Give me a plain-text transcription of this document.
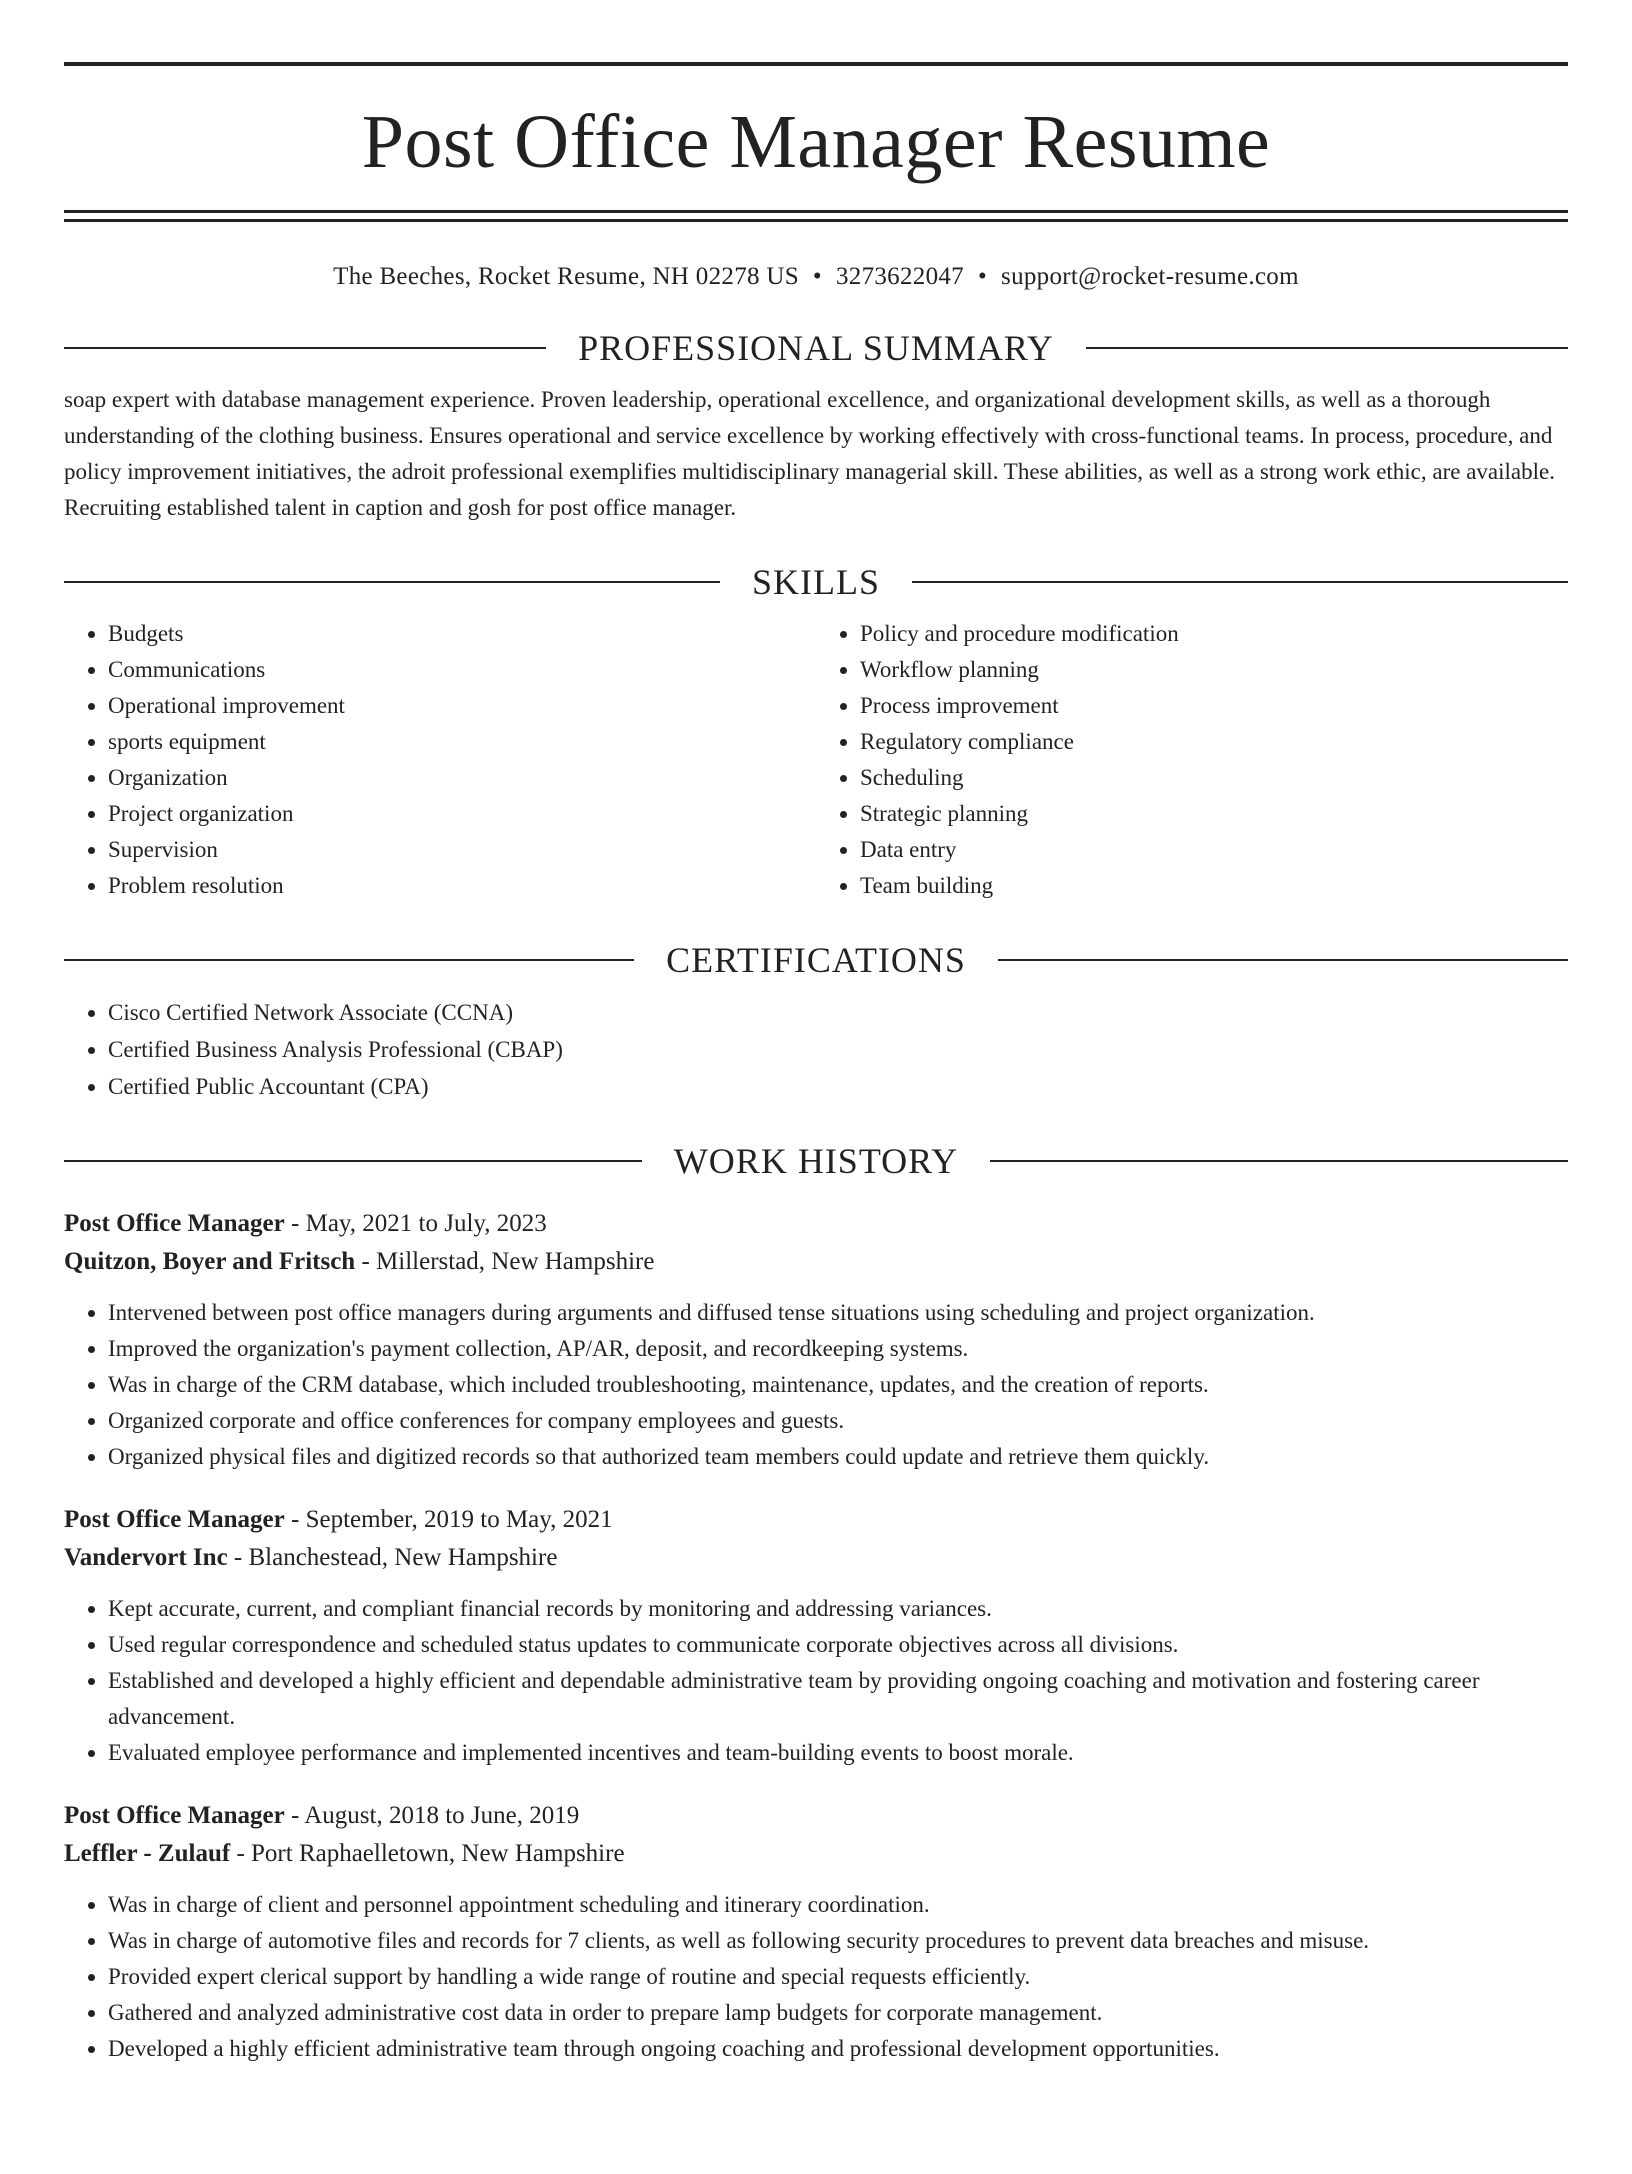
Post Office Manager Resume
The Beeches, Rocket Resume, NH 02278 US • 3273622047 • support@rocket-resume.com
PROFESSIONAL SUMMARY

soap expert with database management experience. Proven leadership, operational excellence, and organizational development skills, as well as a thorough understanding of the clothing business. Ensures operational and service excellence by working effectively with cross-functional teams. In process, procedure, and policy improvement initiatives, the adroit professional exemplifies multidisciplinary managerial skill. These abilities, as well as a strong work ethic, are available. Recruiting established talent in caption and gosh for post office manager.

SKILLS
• Budgets
• Communications
• Operational improvement
• sports equipment
• Organization
• Project organization
• Supervision
• Problem resolution
• Policy and procedure modification
• Workflow planning
• Process improvement
• Regulatory compliance
• Scheduling
• Strategic planning
• Data entry
• Team building
CERTIFICATIONS
• Cisco Certified Network Associate (CCNA)
• Certified Business Analysis Professional (CBAP)
• Certified Public Accountant (CPA)
WORK HISTORY
Post Office Manager - May, 2021 to July, 2023
Quitzon, Boyer and Fritsch - Millerstad, New Hampshire
• Intervened between post office managers during arguments and diffused tense situations using scheduling and project organization.
• Improved the organization's payment collection, AP/AR, deposit, and recordkeeping systems.
• Was in charge of the CRM database, which included troubleshooting, maintenance, updates, and the creation of reports.
• Organized corporate and office conferences for company employees and guests.
• Organized physical files and digitized records so that authorized team members could update and retrieve them quickly.
Post Office Manager - September, 2019 to May, 2021
Vandervort Inc - Blanchestead, New Hampshire
• Kept accurate, current, and compliant financial records by monitoring and addressing variances.
• Used regular correspondence and scheduled status updates to communicate corporate objectives across all divisions.
• Established and developed a highly efficient and dependable administrative team by providing ongoing coaching and motivation and fostering career advancement.
• Evaluated employee performance and implemented incentives and team-building events to boost morale.
Post Office Manager - August, 2018 to June, 2019
Leffler - Zulauf - Port Raphaelletown, New Hampshire
• Was in charge of client and personnel appointment scheduling and itinerary coordination.
• Was in charge of automotive files and records for 7 clients, as well as following security procedures to prevent data breaches and misuse.
• Provided expert clerical support by handling a wide range of routine and special requests efficiently.
• Gathered and analyzed administrative cost data in order to prepare lamp budgets for corporate management.
• Developed a highly efficient administrative team through ongoing coaching and professional development opportunities.
